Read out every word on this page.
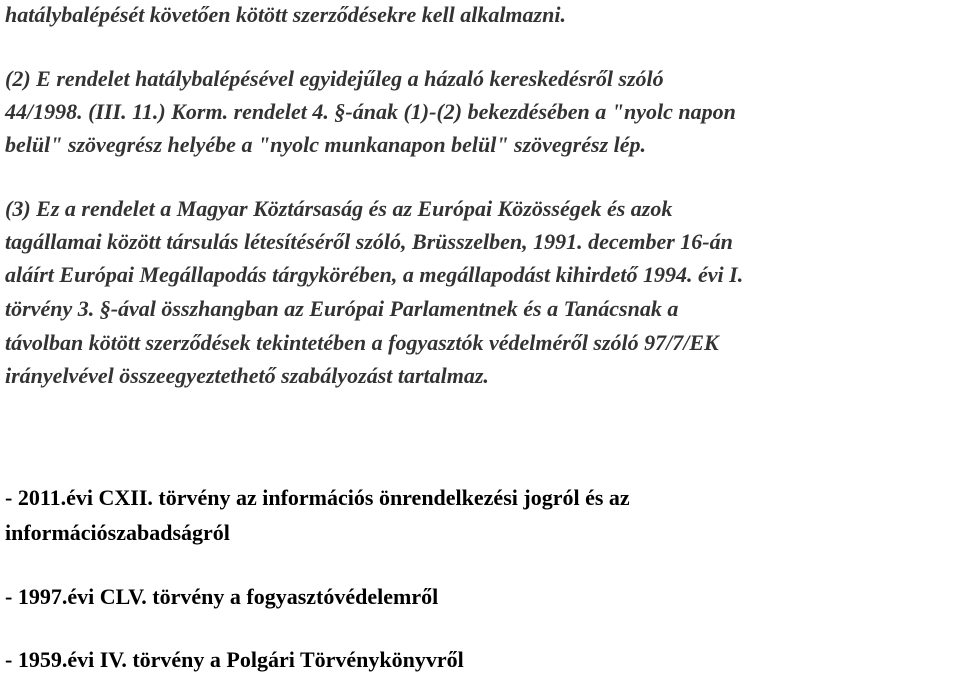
hatálybalépését követően kötött szerződésekre kell alkalmazni.
(2) E rendelet hatálybalépésével egyidejűleg a házaló kereskedésről szóló
44/1998. (III. 11.) Korm. rendelet 4. §-ának (1)-(2) bekezdésében a "nyolc napon
belül" szövegrész helyébe a "nyolc munkanapon belül" szövegrész lép.
(3) Ez a rendelet a Magyar Köztársaság és az Európai Közösségek és azok
tagállamai között társulás létesítéséről szóló, Brüsszelben, 1991. december 16-án
aláírt Európai Megállapodás tárgykörében, a megállapodást kihirdető 1994. évi I.
törvény 3. §-ával összhangban az Európai Parlamentnek és a Tanácsnak a
távolban kötött szerződések tekintetében a fogyasztók védelméről szóló 97/7/EK
irányelvével összeegyeztethető szabályozást tartalmaz.
- 2011.évi CXII. törvény az információs önrendelkezési jogról és az
információszabadságról
- 1997.évi CLV. törvény a fogyasztóvédelemről
- 1959.évi IV. törvény a Polgári Törvénykönyvről
